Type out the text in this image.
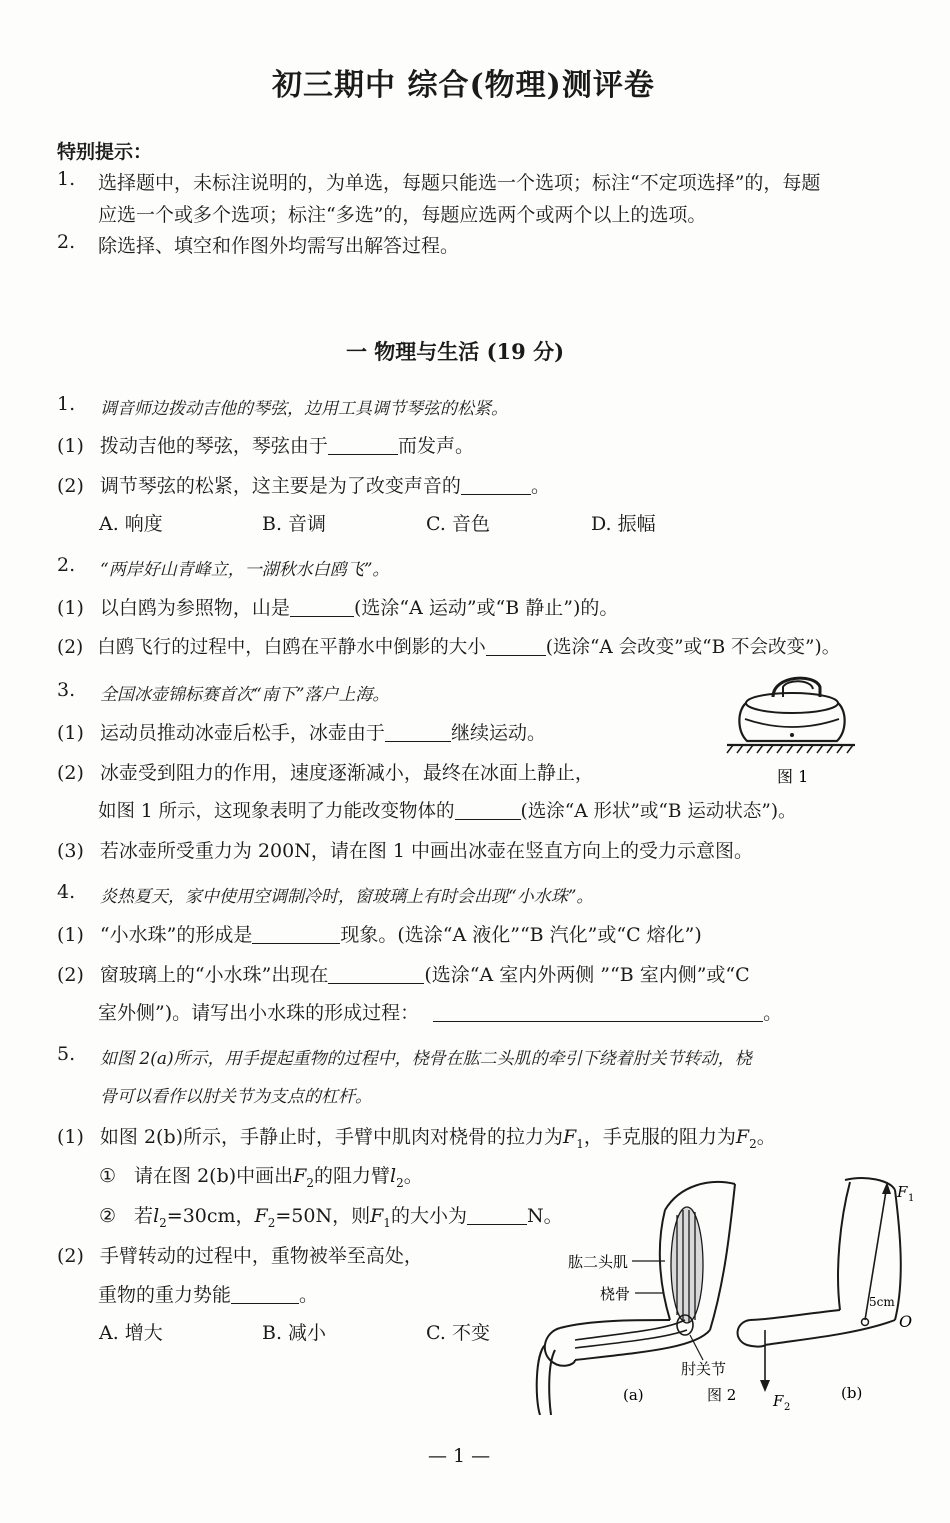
初三期中 综合(物理)测评卷
特别提示：
1. 选择题中，未标注说明的，为单选，每题只能选一个选项；标注“不定项选择”的，每题
应选一个或多个选项；标注“多选”的，每题应选两个或两个以上的选项。
2. 除选择、填空和作图外均需写出解答过程。
一 物理与生活 (19 分)
1. 调音师边拨动吉他的琴弦，边用工具调节琴弦的松紧。
(1) 拨动吉他的琴弦，琴弦由于	而发声。
(2) 调节琴弦的松紧，这主要是为了改变声音的	。
A. 响度	B. 音调	C. 音色	D. 振幅
2. “两岸好山青峰立，一湖秋水白鸥飞”。
(1) 以白鸥为参照物，山是	(选涂“A 运动”或“B 静止”)的。
(2) 白鸥飞行的过程中，白鸥在平静水中倒影的大小	(选涂“A 会改变”或“B 不会改变”)。
3. 全国冰壶锦标赛首次“南下”落户上海。
(1) 运动员推动冰壶后松手，冰壶由于	继续运动。
(2) 冰壶受到阻力的作用，速度逐渐减小，最终在冰面上静止，
如图 1 所示，这现象表明了力能改变物体的	(选涂“A 形状”或“B 运动状态”)。
(3) 若冰壶所受重力为 200N，请在图 1 中画出冰壶在竖直方向上的受力示意图。
图 1
4. 炎热夏天，家中使用空调制冷时，窗玻璃上有时会出现“小水珠”。
(1) “小水珠”的形成是	现象。(选涂“A 液化”“B 汽化”或“C 熔化”)
(2) 窗玻璃上的“小水珠”出现在	(选涂“A 室内外两侧 ”“B 室内侧”或“C
室外侧”)。请写出小水珠的形成过程：	。
5. 如图 2(a)所示，用手提起重物的过程中，桡骨在肱二头肌的牵引下绕着肘关节转动，桡
骨可以看作以肘关节为支点的杠杆。
(1) 如图 2(b)所示，手静止时，手臂中肌肉对桡骨的拉力为$F_1$，手克服的阻力为$F_2$。
① 请在图 2(b)中画出$F_2$的阻力臂$l_2$。
② 若$l_2=30cm$，$F_2=50N$，则$F_1$的大小为	N。
(2) 手臂转动的过程中，重物被举至高处，
重物的重力势能	。
A. 增大	B. 减小	C. 不变
肱二头肌
桡骨
肘关节
(a)	图 2	(b)
F 1
F 2
5cm
O
— 1 —
